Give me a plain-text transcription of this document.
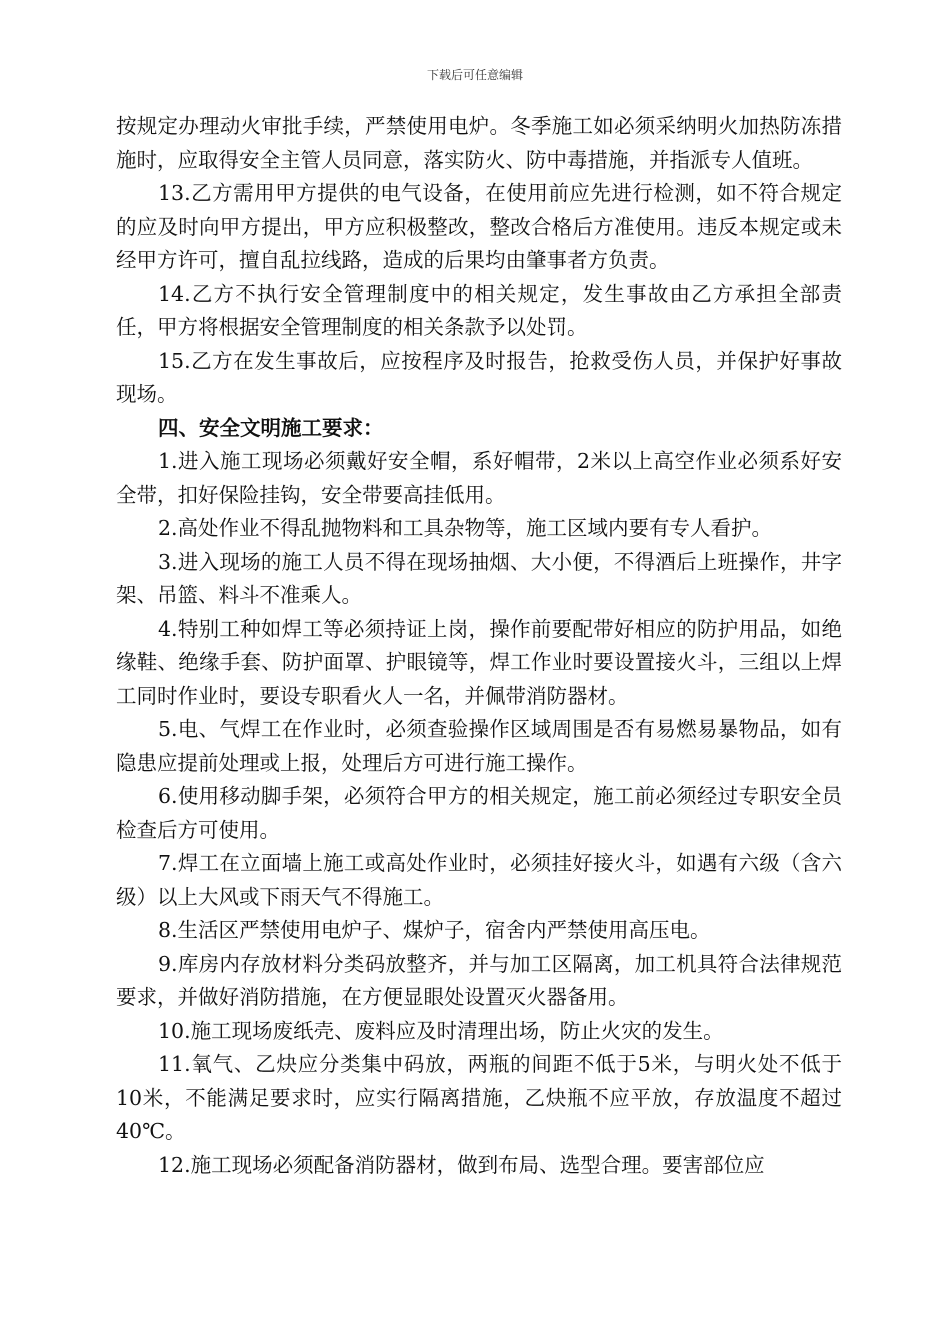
下载后可任意编辑

按规定办理动火审批手续，严禁使用电炉。冬季施工如必须采纳明火加热防冻措施时，应取得安全主管人员同意，落实防火、防中毒措施，并指派专人值班。

13.乙方需用甲方提供的电气设备，在使用前应先进行检测，如不符合规定的应及时向甲方提出，甲方应积极整改，整改合格后方准使用。违反本规定或未经甲方许可，擅自乱拉线路，造成的后果均由肇事者方负责。

14.乙方不执行安全管理制度中的相关规定，发生事故由乙方承担全部责任，甲方将根据安全管理制度的相关条款予以处罚。

15.乙方在发生事故后，应按程序及时报告，抢救受伤人员，并保护好事故现场。

四、安全文明施工要求：

1.进入施工现场必须戴好安全帽，系好帽带，2米以上高空作业必须系好安全带，扣好保险挂钩，安全带要高挂低用。

2.高处作业不得乱抛物料和工具杂物等，施工区域内要有专人看护。

3.进入现场的施工人员不得在现场抽烟、大小便，不得酒后上班操作，井字架、吊篮、料斗不准乘人。

4.特别工种如焊工等必须持证上岗，操作前要配带好相应的防护用品，如绝缘鞋、绝缘手套、防护面罩、护眼镜等，焊工作业时要设置接火斗，三组以上焊工同时作业时，要设专职看火人一名，并佩带消防器材。

5.电、气焊工在作业时，必须查验操作区域周围是否有易燃易暴物品，如有隐患应提前处理或上报，处理后方可进行施工操作。

6.使用移动脚手架，必须符合甲方的相关规定，施工前必须经过专职安全员检查后方可使用。

7.焊工在立面墙上施工或高处作业时，必须挂好接火斗，如遇有六级（含六级）以上大风或下雨天气不得施工。

8.生活区严禁使用电炉子、煤炉子，宿舍内严禁使用高压电。

9.库房内存放材料分类码放整齐，并与加工区隔离，加工机具符合法律规范要求，并做好消防措施，在方便显眼处设置灭火器备用。

10.施工现场废纸壳、废料应及时清理出场，防止火灾的发生。

11.氧气、乙炔应分类集中码放，两瓶的间距不低于5米，与明火处不低于10米，不能满足要求时，应实行隔离措施，乙炔瓶不应平放，存放温度不超过40℃。

12.施工现场必须配备消防器材，做到布局、选型合理。要害部位应
